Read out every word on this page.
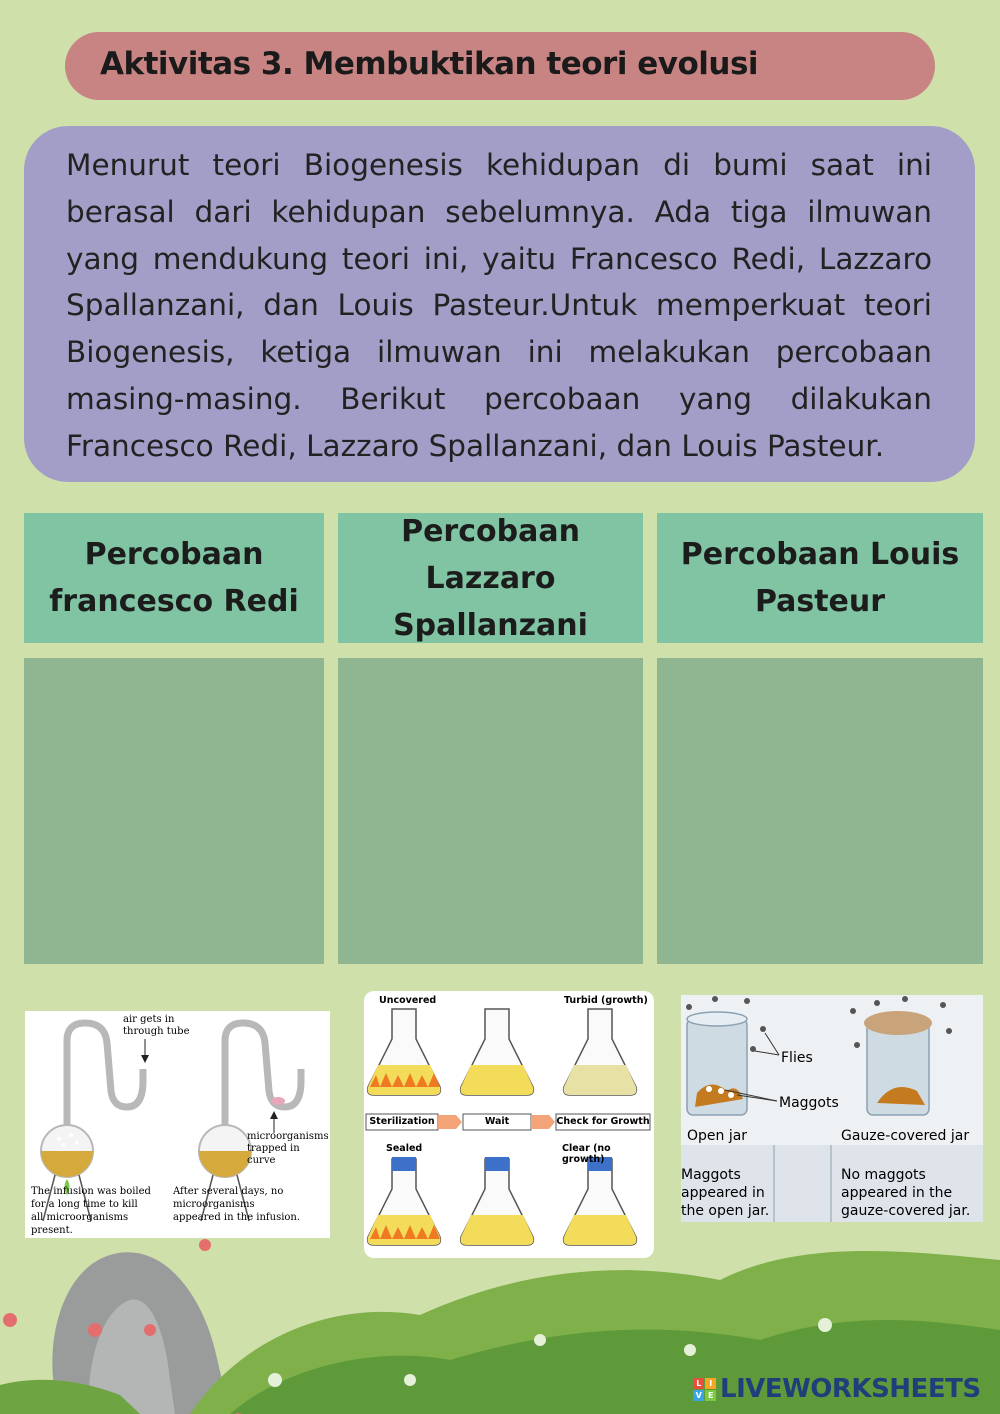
Aktivitas 3. Membuktikan teori evolusi

Menurut teori Biogenesis kehidupan di bumi saat ini berasal dari kehidupan sebelumnya. Ada tiga ilmuwan yang mendukung teori ini, yaitu Francesco Redi, Lazzaro Spallanzani, dan Louis Pasteur.Untuk memperkuat teori Biogenesis, ketiga ilmuwan ini melakukan percobaan masing-masing. Berikut percobaan yang dilakukan Francesco Redi, Lazzaro Spallanzani, dan Louis Pasteur.

Percobaan francesco Redi
Percobaan Lazzaro Spallanzani
Percobaan Louis Pasteur
air gets in through tube
microorganisms trapped in curve
The infusion was boiled for a long time to kill all microorganisms present.
After several days, no microorganisms appeared in the infusion.
Uncovered	Turbid (growth)
Sterilization	Wait	Check for Growth
Sealed	Clear (no growth)
Flies
Maggots
Open jar	Gauze-covered jar
Maggots appeared in the open jar.
No maggots appeared in the gauze-covered jar.
L	I
V E LIVEWORKSHEETS
